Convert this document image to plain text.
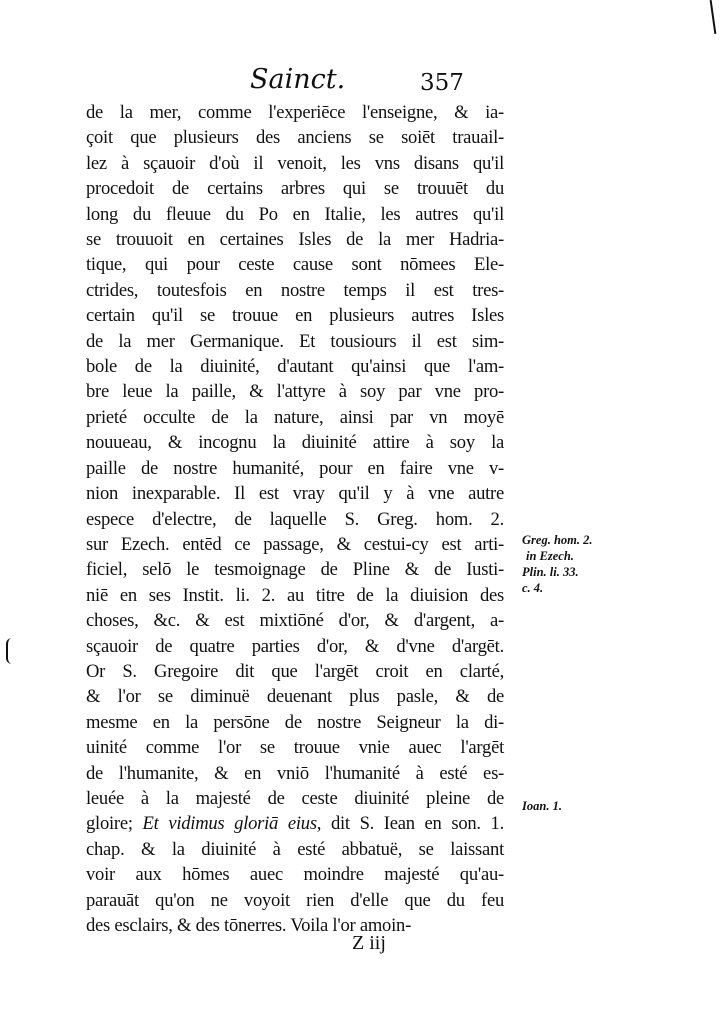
Sainct.	357
de la mer, comme l'experiēce l'enseigne, & ia-
çoit que plusieurs des anciens se soiēt trauail-
lez à sçauoir d'où il venoit, les vns disans qu'il
procedoit de certains arbres qui se trouuēt du
long du fleuue du Po en Italie, les autres qu'il
se trouuoit en certaines Isles de la mer Hadria-
tique, qui pour ceste cause sont nōmees Ele-
ctrides, toutesfois en nostre temps il est tres-
certain qu'il se trouue en plusieurs autres Isles
de la mer Germanique. Et tousiours il est sim-
bole de la diuinité, d'autant qu'ainsi que l'am-
bre leue la paille, & l'attyre à soy par vne pro-
prieté occulte de la nature, ainsi par vn moyē
nouueau, & incognu la diuinité attire à soy la
paille de nostre humanité, pour en faire vne v-
nion inexparable. Il est vray qu'il y à vne autre
espece d'electre, de laquelle S. Greg. hom. 2.
sur Ezech. entēd ce passage, & cestui-cy est arti-
ficiel, selō le tesmoignage de Pline & de Iusti-
niē en ses Instit. li. 2. au titre de la diuision des
choses, &c. & est mixtiōné d'or, & d'argent, a-
sçauoir de quatre parties d'or, & d'vne d'argēt.
Or S. Gregoire dit que l'argēt croit en clarté,
& l'or se diminuë deuenant plus pasle, & de
mesme en la persōne de nostre Seigneur la di-
uinité comme l'or se trouue vnie auec l'argēt
de l'humanite, & en vniō l'humanité à esté es-
leuée à la majesté de ceste diuinité pleine de
gloire; Et vidimus gloriā eius, dit S. Iean en son. 1.
chap. & la diuinité à esté abbatuë, se laissant
voir aux hōmes auec moindre majesté qu'au-
parauāt qu'on ne voyoit rien d'elle que du feu
des esclairs, & des tōnerres. Voila l'or amoin-
Greg. hom. 2.
in Ezech.
Plin. li. 33.
c. 4.
Ioan. 1.
Z iij
